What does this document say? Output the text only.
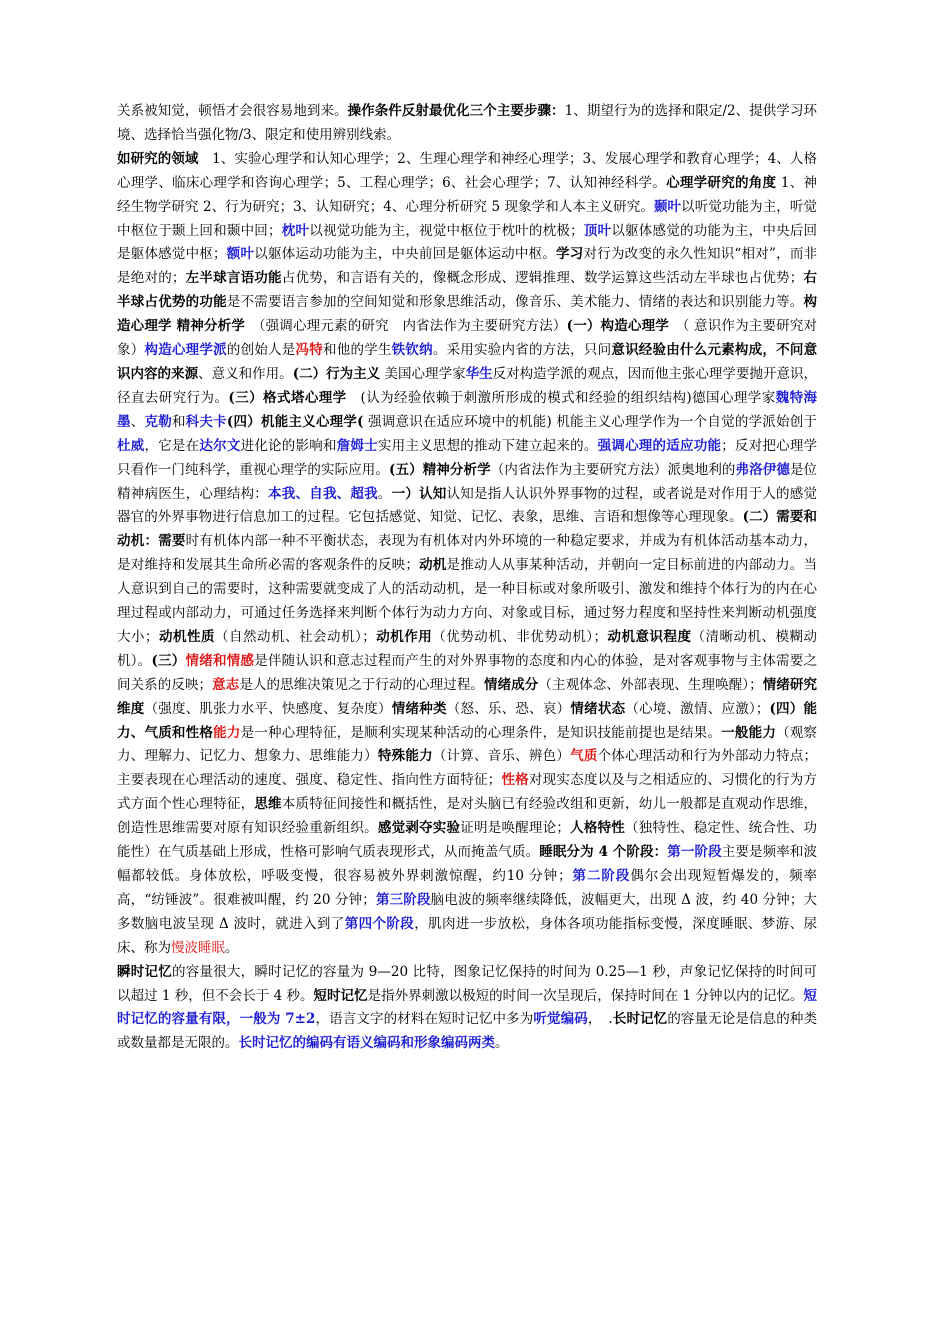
关系被知觉，顿悟才会很容易地到来。操作条件反射最优化三个主要步骤：1、期望行为的选择和限定/2、提供学习环境、选择恰当强化物/3、限定和使用辨别线索。

如研究的领域　1、实验心理学和认知心理学；2、生理心理学和神经心理学；3、发展心理学和教育心理学；4、人格心理学、临床心理学和咨询心理学；5、工程心理学；6、社会心理学；7、认知神经科学。心理学研究的角度 1、神经生物学研究 2、行为研究；3、认知研究；4、心理分析研究 5 现象学和人本主义研究。颞叶以听觉功能为主，听觉中枢位于颞上回和颞中回；枕叶以视觉功能为主，视觉中枢位于枕叶的枕极；顶叶以躯体感觉的功能为主，中央后回是躯体感觉中枢；额叶以躯体运动功能为主，中央前回是躯体运动中枢。学习对行为改变的永久性知识“相对”，而非是绝对的；左半球言语功能占优势，和言语有关的，像概念形成、逻辑推理、数学运算这些活动左半球也占优势；右半球占优势的功能是不需要语言参加的空间知觉和形象思维活动，像音乐、美术能力、情绪的表达和识别能力等。构造心理学 精神分析学　（强调心理元素的研究　内省法作为主要研究方法）(一）构造心理学　（ 意识作为主要研究对象）构造心理学派的创始人是冯特和他的学生铁钦纳。采用实验内省的方法，只问意识经验由什么元素构成，不问意识内容的来源、意义和作用。(二）行为主义 美国心理学家华生反对构造学派的观点，因而他主张心理学要抛开意识，径直去研究行为。(三）格式塔心理学　(认为经验依赖于刺激所形成的模式和经验的组织结构)德国心理学家魏特海墨、克勒和科夫卡(四）机能主义心理学( 强调意识在适应环境中的机能) 机能主义心理学作为一个自觉的学派始创于杜威，它是在达尔文进化论的影响和詹姆士实用主义思想的推动下建立起来的。强调心理的适应功能；反对把心理学只看作一门纯科学，重视心理学的实际应用。(五）精神分析学（内省法作为主要研究方法）派奥地利的弗洛伊德是位精神病医生，心理结构：本我、自我、超我。一）认知认知是指人认识外界事物的过程，或者说是对作用于人的感觉器官的外界事物进行信息加工的过程。它包括感觉、知觉、记忆、表象，思维、言语和想像等心理现象。(二）需要和动机：需要时有机体内部一种不平衡状态，表现为有机体对内外环境的一种稳定要求，并成为有机体活动基本动力，是对维持和发展其生命所必需的客观条件的反映；动机是推动人从事某种活动，并朝向一定目标前进的内部动力。当人意识到自己的需要时，这种需要就变成了人的活动动机，是一种目标或对象所吸引、激发和维持个体行为的内在心理过程或内部动力，可通过任务选择来判断个体行为动力方向、对象或目标，通过努力程度和坚持性来判断动机强度大小；动机性质（自然动机、社会动机）；动机作用（优势动机、非优势动机）；动机意识程度（清晰动机、模糊动机）。(三）情绪和情感是伴随认识和意志过程而产生的对外界事物的态度和内心的体验，是对客观事物与主体需要之间关系的反映；意志是人的思维决策见之于行动的心理过程。情绪成分（主观体念、外部表现、生理唤醒）；情绪研究维度（强度、肌张力水平、快感度、复杂度）情绪种类（怒、乐、恐、哀）情绪状态（心境、激情、应激）；(四）能力、气质和性格能力是一种心理特征，是顺利实现某种活动的心理条件，是知识技能前提也是结果。一般能力（观察力、理解力、记忆力、想象力、思维能力）特殊能力（计算、音乐、辨色）气质个体心理活动和行为外部动力特点；主要表现在心理活动的速度、强度、稳定性、指向性方面特征；性格对现实态度以及与之相适应的、习惯化的行为方式方面个性心理特征，思维本质特征间接性和概括性，是对头脑已有经验改组和更新，幼儿一般都是直观动作思维，创造性思维需要对原有知识经验重新组织。感觉剥夺实验证明是唤醒理论；人格特性（独特性、稳定性、统合性、功能性）在气质基础上形成，性格可影响气质表现形式，从而掩盖气质。睡眠分为 4 个阶段：第一阶段主要是频率和波幅都较低。身体放松，呼吸变慢，很容易被外界刺激惊醒，约10 分钟；第二阶段偶尔会出现短暂爆发的，频率高，“纺锤波”。很难被叫醒，约 20 分钟；第三阶段脑电波的频率继续降低，波幅更大，出现 Δ 波，约 40 分钟；大多数脑电波呈现 Δ 波时，就进入到了第四个阶段，肌肉进一步放松，身体各项功能指标变慢，深度睡眠、梦游、尿床、称为慢波睡眠。

瞬时记忆的容量很大，瞬时记忆的容量为 9—20 比特，图象记忆保持的时间为 0.25—1 秒，声象记忆保持的时间可以超过 1 秒，但不会长于 4 秒。短时记忆是指外界刺激以极短的时间一次呈现后，保持时间在 1 分钟以内的记忆。短时记忆的容量有限，一般为 7±2，语言文字的材料在短时记忆中多为听觉编码，　.长时记忆的容量无论是信息的种类或数量都是无限的。长时记忆的编码有语义编码和形象编码两类。
